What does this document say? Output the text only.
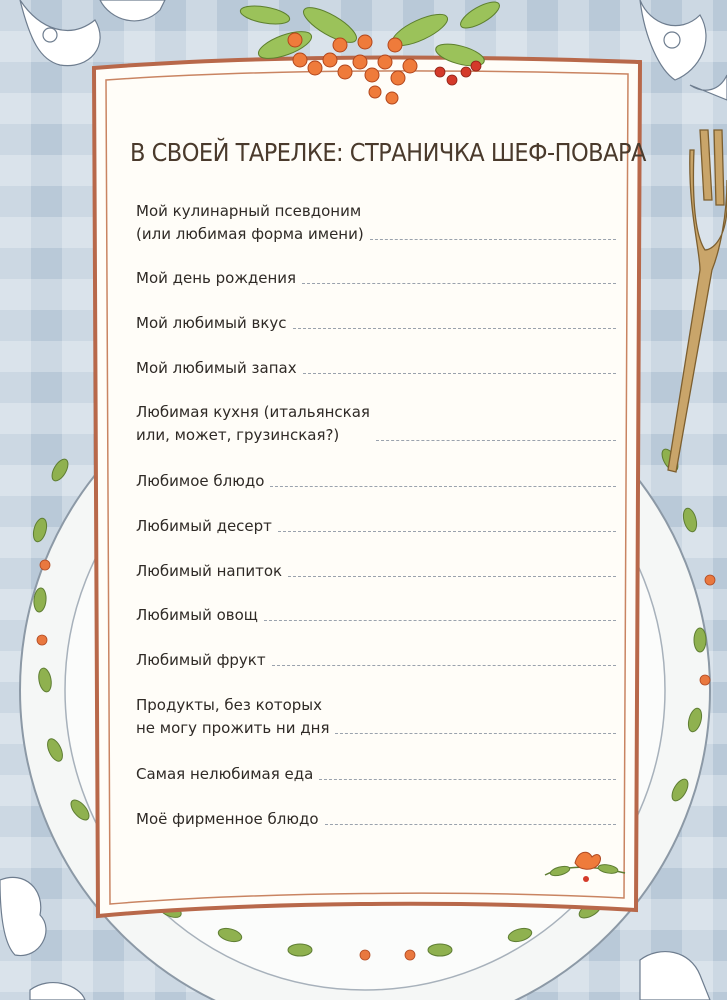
В СВОЕЙ ТАРЕЛКЕ: СТРАНИЧКА ШЕФ-ПОВАРА
Мой кулинарный псевдоним
(или любимая форма имени)
Мой день рождения
Мой любимый вкус
Мой любимый запах
Любимая кухня (итальянская
или, может, грузинская?)
Любимое блюдо
Любимый десерт
Любимый напиток
Любимый овощ
Любимый фрукт
Продукты, без которых
не могу прожить ни дня
Самая нелюбимая еда
Моё фирменное блюдо
